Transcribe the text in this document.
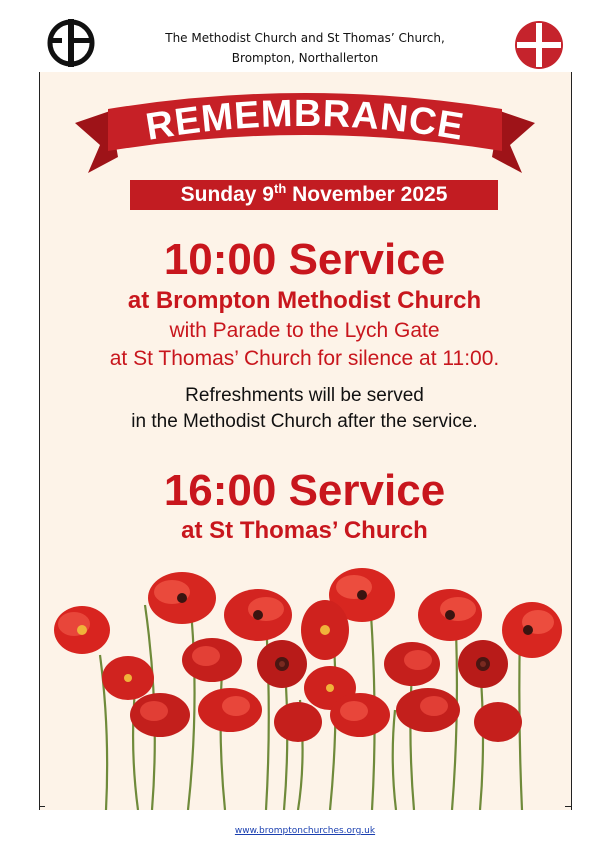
The Methodist Church and St Thomas’ Church,
Brompton, Northallerton
REMEMBRANCE
Sunday 9th November 2025
10:00 Service
at Brompton Methodist Church
with Parade to the Lych Gate
at St Thomas’ Church for silence at 11:00.
Refreshments will be served
in the Methodist Church after the service.
16:00 Service
at St Thomas’ Church
www.bromptonchurches.org.uk
